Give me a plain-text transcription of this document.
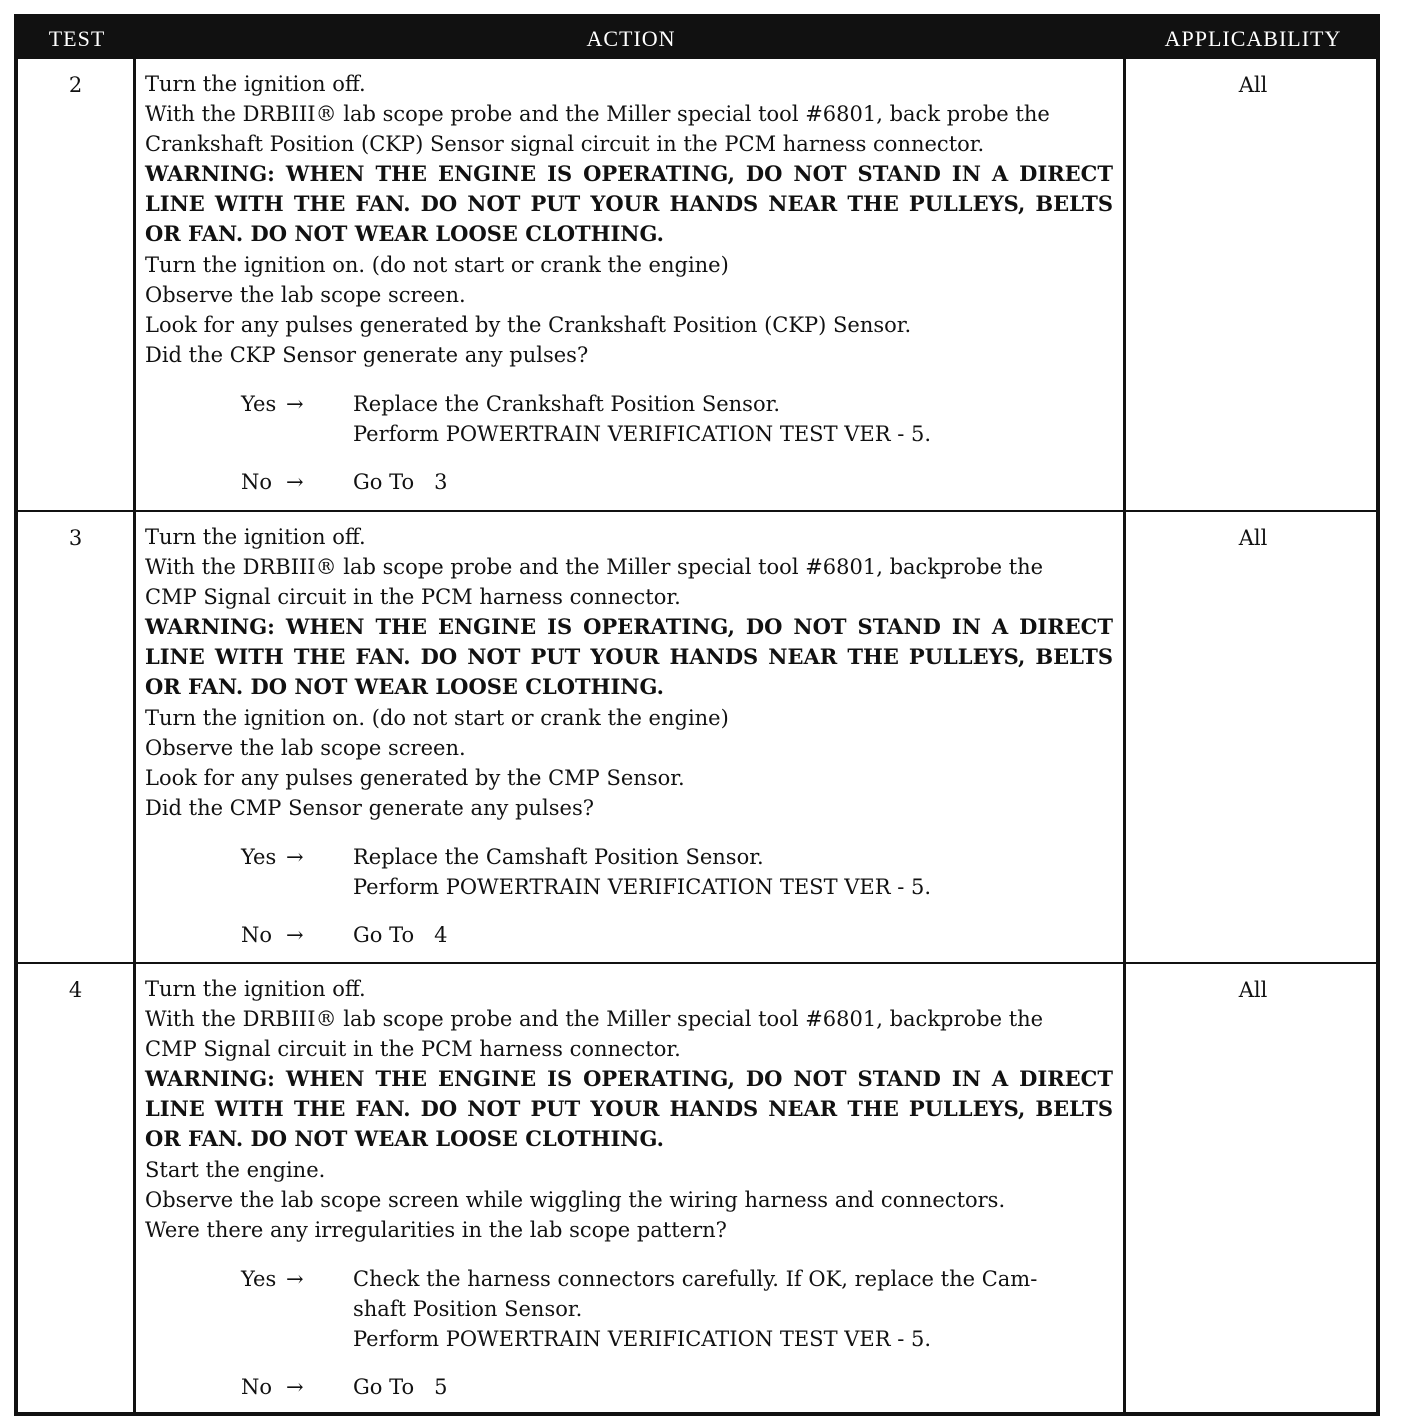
TEST	ACTION	APPLICABILITY
2	Turn the ignition off.
With the DRBIII® lab scope probe and the Miller special tool #6801, back probe the
Crankshaft Position (CKP) Sensor signal circuit in the PCM harness connector.
WARNING: WHEN THE ENGINE IS OPERATING, DO NOT STAND IN A DIRECT LINE WITH THE FAN. DO NOT PUT YOUR HANDS NEAR THE PULLEYS, BELTS OR FAN. DO NOT WEAR LOOSE CLOTHING.
Turn the ignition on. (do not start or crank the engine)
Observe the lab scope screen.
Look for any pulses generated by the Crankshaft Position (CKP) Sensor.
Did the CKP Sensor generate any pulses?
Yes →	Replace the Crankshaft Position Sensor.
Perform POWERTRAIN VERIFICATION TEST VER - 5.
No →	Go To   3
All
3	Turn the ignition off.
With the DRBIII® lab scope probe and the Miller special tool #6801, backprobe the
CMP Signal circuit in the PCM harness connector.
WARNING: WHEN THE ENGINE IS OPERATING, DO NOT STAND IN A DIRECT LINE WITH THE FAN. DO NOT PUT YOUR HANDS NEAR THE PULLEYS, BELTS OR FAN. DO NOT WEAR LOOSE CLOTHING.
Turn the ignition on. (do not start or crank the engine)
Observe the lab scope screen.
Look for any pulses generated by the CMP Sensor.
Did the CMP Sensor generate any pulses?
Yes →	Replace the Camshaft Position Sensor.
Perform POWERTRAIN VERIFICATION TEST VER - 5.
No →	Go To   4
All
4	Turn the ignition off.
With the DRBIII® lab scope probe and the Miller special tool #6801, backprobe the
CMP Signal circuit in the PCM harness connector.
WARNING: WHEN THE ENGINE IS OPERATING, DO NOT STAND IN A DIRECT LINE WITH THE FAN. DO NOT PUT YOUR HANDS NEAR THE PULLEYS, BELTS OR FAN. DO NOT WEAR LOOSE CLOTHING.
Start the engine.
Observe the lab scope screen while wiggling the wiring harness and connectors.
Were there any irregularities in the lab scope pattern?
Yes →	Check the harness connectors carefully. If OK, replace the Cam-
shaft Position Sensor.
Perform POWERTRAIN VERIFICATION TEST VER - 5.
No →	Go To   5
All
